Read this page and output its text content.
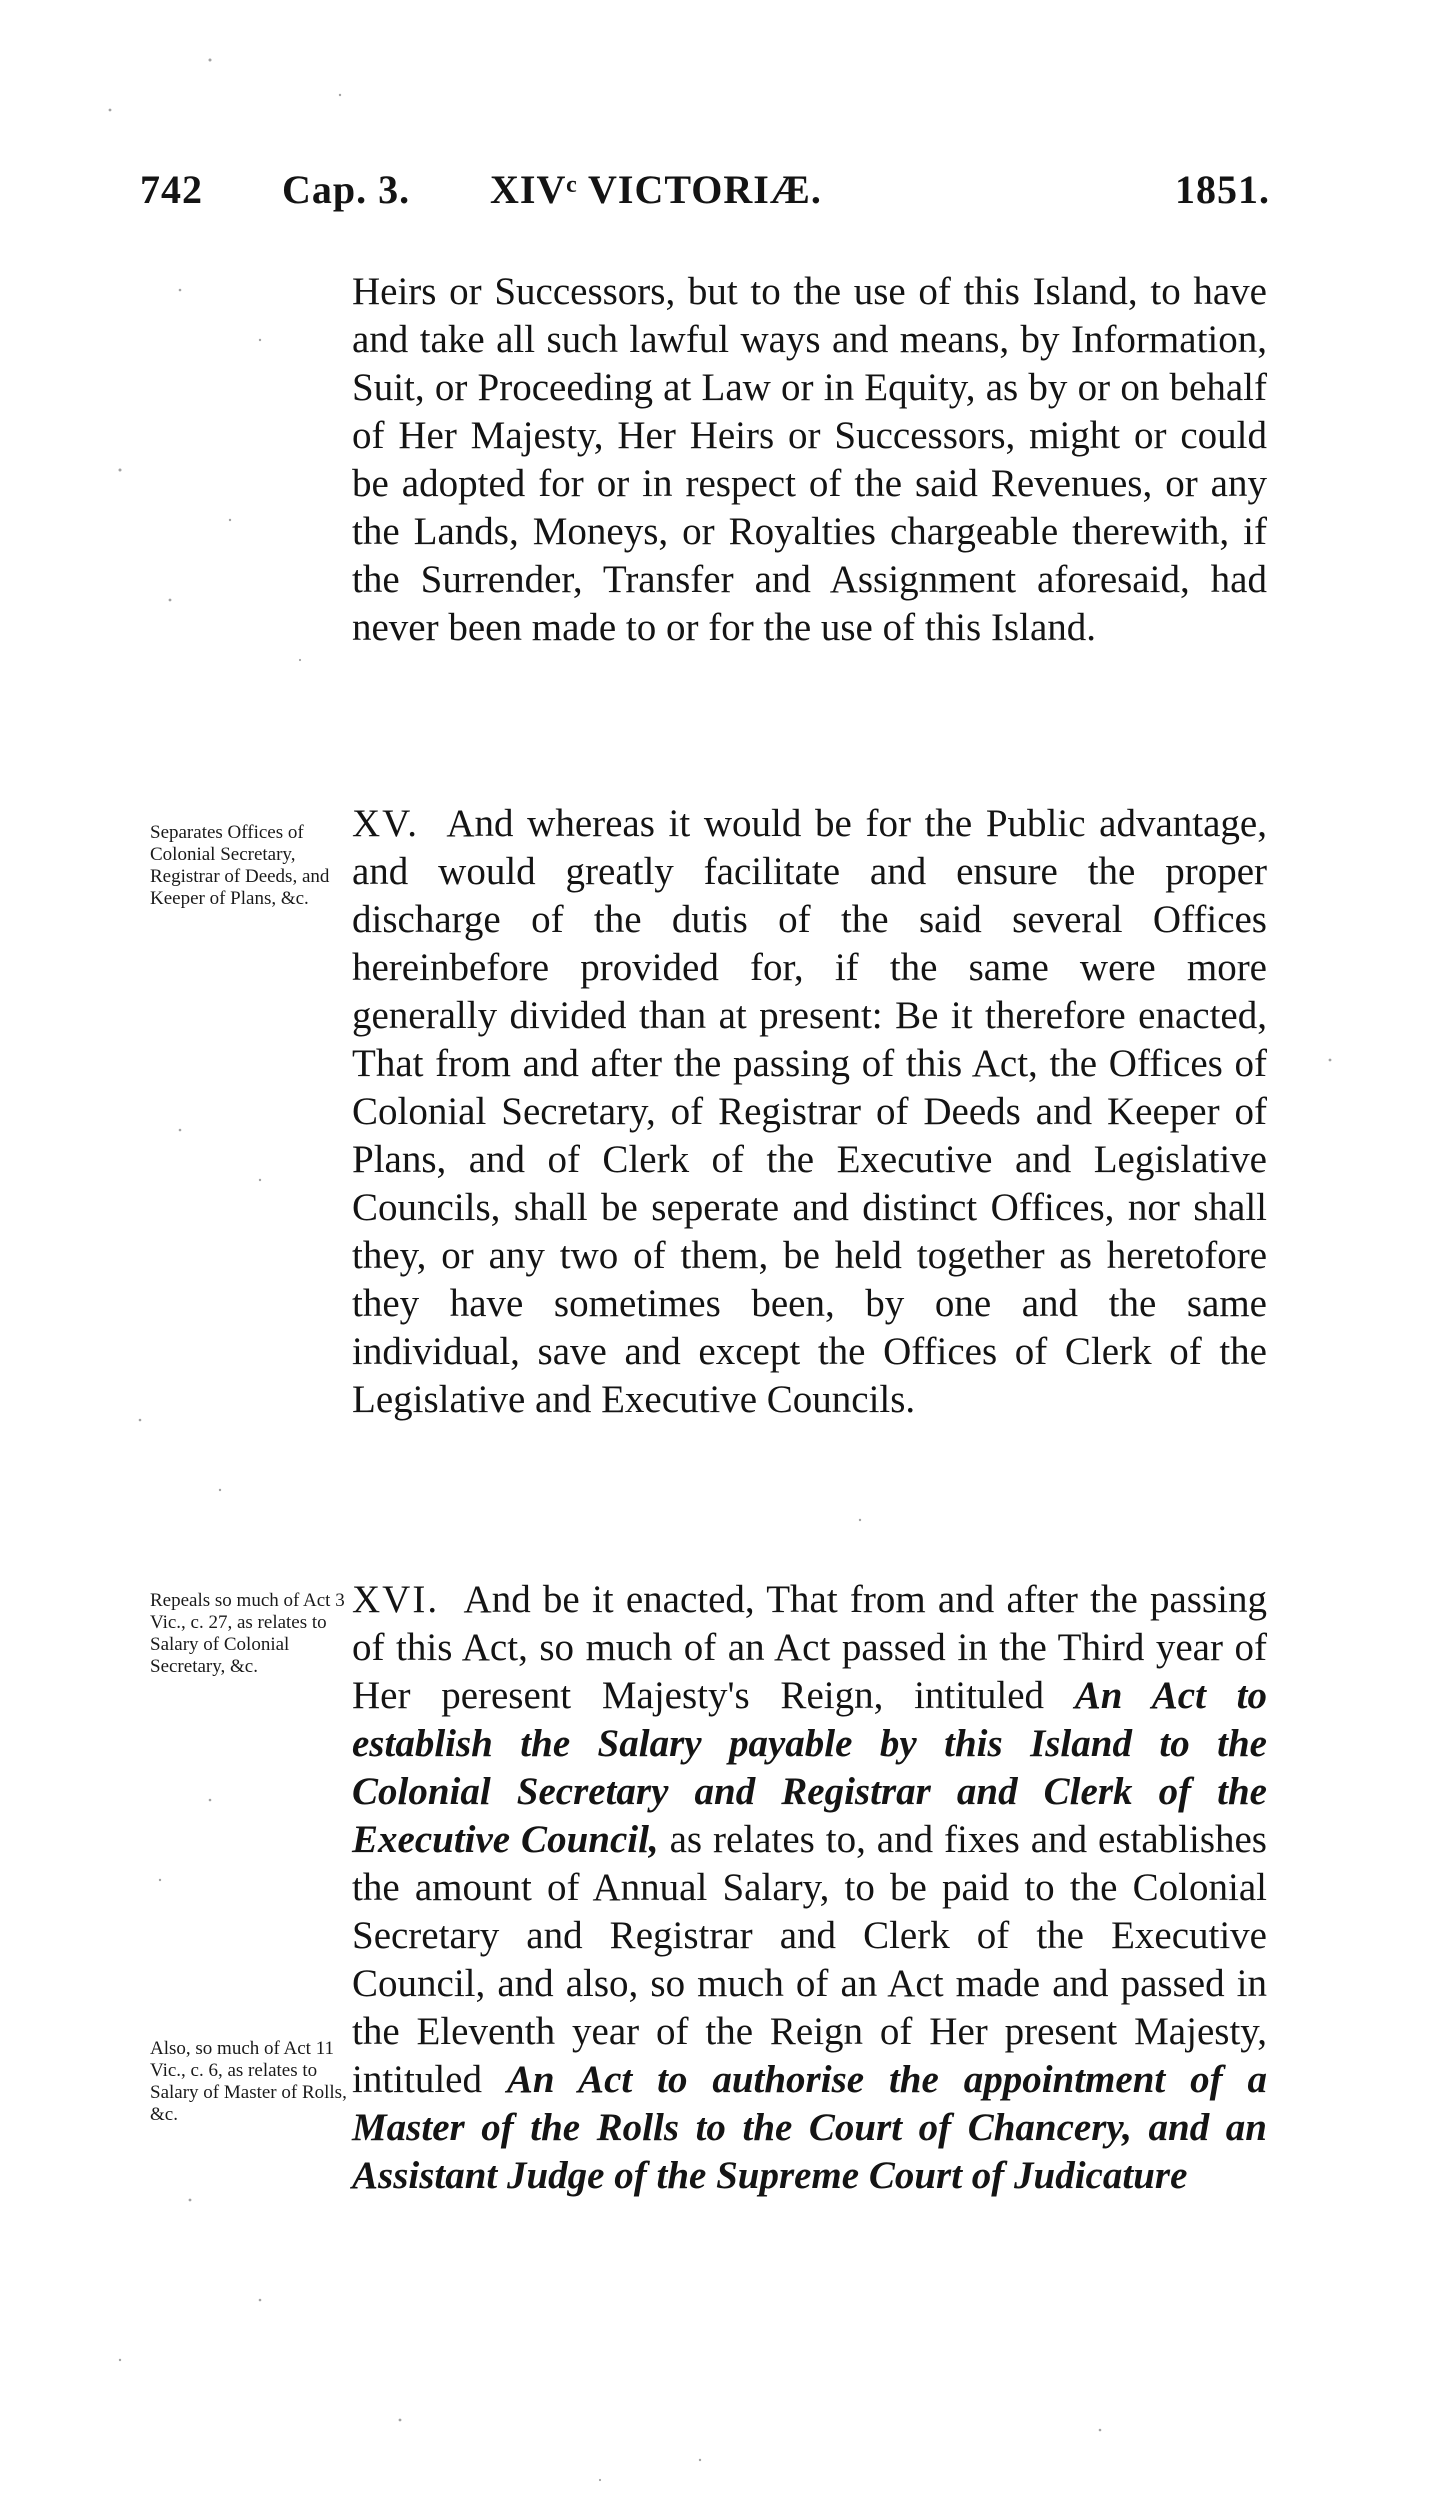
742 Cap. 3. XIVᶜ VICTORIÆ.	1851.
Heirs or Successors, but to the use of this Island, to have and take all such lawful ways and means, by Information, Suit, or Proceeding at Law or in Equity, as by or on behalf of Her Majesty, Her Heirs or Successors, might or could be adopted for or in respect of the said Revenues, or any the Lands, Moneys, or Royalties chargeable therewith, if the Surrender, Transfer and Assignment aforesaid, had never been made to or for the use of this Island.
Separates Offices of Colonial Secretary, Registrar of Deeds, and Keeper of Plans, &c.
XV. And whereas it would be for the Public advantage, and would greatly facilitate and ensure the proper discharge of the dutis of the said several Offices hereinbefore provided for, if the same were more generally divided than at present: Be it therefore enacted, That from and after the passing of this Act, the Offices of Colonial Secretary, of Registrar of Deeds and Keeper of Plans, and of Clerk of the Executive and Legislative Councils, shall be seperate and distinct Offices, nor shall they, or any two of them, be held together as heretofore they have sometimes been, by one and the same individual, save and except the Offices of Clerk of the Legislative and Executive Councils.
Repeals so much of Act 3 Vic., c. 27, as relates to Salary of Colonial Secretary, &c.
XVI. And be it enacted, That from and after the passing of this Act, so much of an Act passed in the Third year of Her peresent Majesty's Reign, intituled An Act to establish the Salary payable by this Island to the Colonial Secretary and Registrar and Clerk of the Executive Council, as relates to, and fixes and establishes the amount of Annual Salary, to be paid to the Colonial Secretary and Registrar and Clerk of the Executive Council, and also, so much of an Act made and passed in the Eleventh year of the Reign of Her present Majesty, intituled An Act to authorise the appointment of a Master of the Rolls to the Court of Chancery, and an Assistant Judge of the Supreme Court of Judicature
Also, so much of Act 11 Vic., c. 6, as relates to Salary of Master of Rolls, &c.
